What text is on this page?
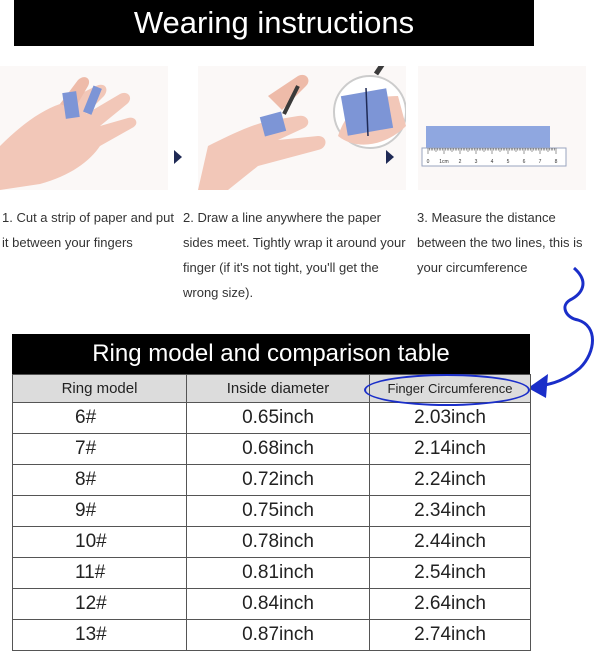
Wearing instructions
0 1cm 2	3	4	5	6	7	8
1. Cut a strip of paper and put it between your fingers
2. Draw a line anywhere the paper sides meet. Tightly wrap it around your finger (if it's not tight, you'll get the wrong size).
3. Measure the distance between the two lines, this is your circumference
Ring model and comparison table
Ring model	Inside diameter	Finger Circumference
6#	0.65inch	2.03inch
7#	0.68inch	2.14inch
8#	0.72inch	2.24inch
9#	0.75inch	2.34inch
10#	0.78inch	2.44inch
11#	0.81inch	2.54inch
12#	0.84inch	2.64inch
13#	0.87inch	2.74inch
